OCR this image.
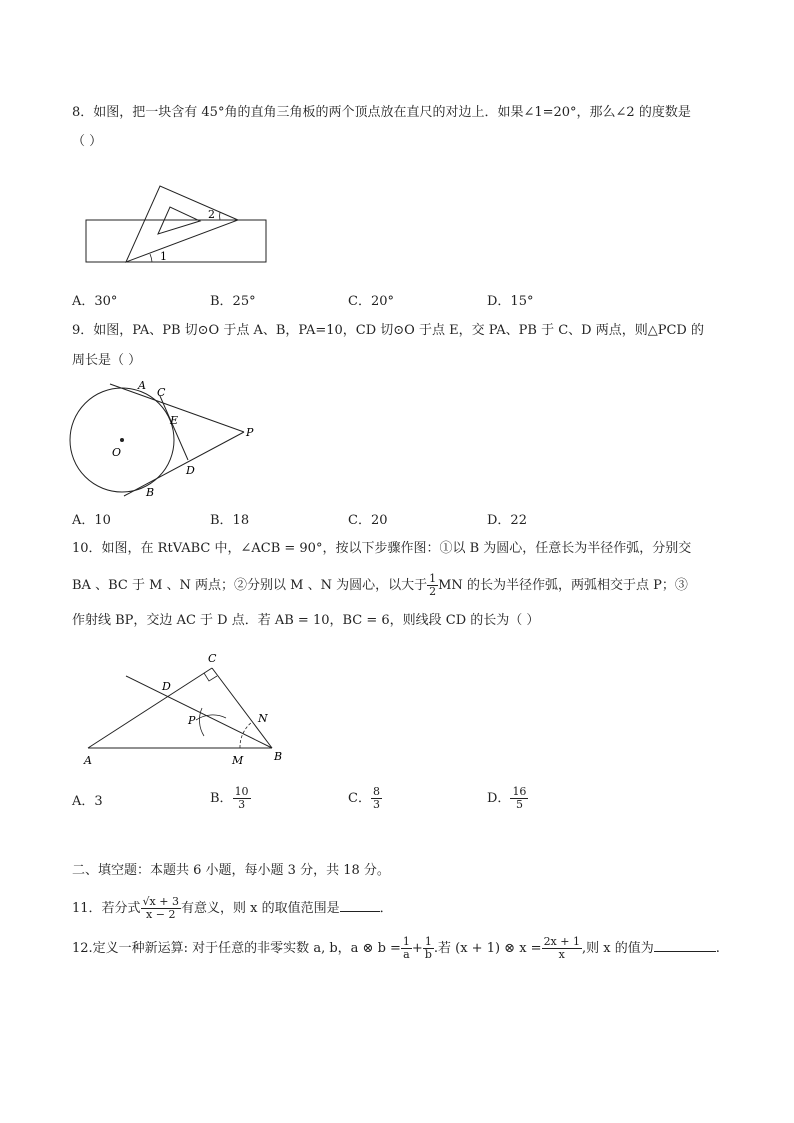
8．如图，把一块含有 45°角的直角三角板的两个顶点放在直尺的对边上．如果∠1=20°，那么∠2 的度数是
（ ）
1
2
A．30°	B．25°	C．20°	D．15°
9．如图，PA、PB 切⊙O 于点 A、B，PA=10，CD 切⊙O 于点 E，交 PA、PB 于 C、D 两点，则△PCD 的
周长是（ ）
A
C
E
O
P
D
B
A．10	B．18	C．20	D．22
10．如图，在 RtVABC 中，∠ACB = 90°，按以下步骤作图：①以 B 为圆心，任意长为半径作弧，分别交
BA 、BC 于 M 、N 两点；②分别以 M 、N 为圆心，以大于 $\frac{1}{2}$ MN 的长为半径作弧，两弧相交于点 P；③
作射线 BP，交边 AC 于 D 点．若 AB = 10，BC = 6，则线段 CD 的长为（ ）
A	B
C
D
P	N
M
A．3	B． $\frac{10}{3}$	C． $\frac{8}{3}$	D． $\frac{16}{5}$
二、填空题：本题共 6 小题，每小题 3 分，共 18 分。
11．若分式 $\frac{√x + 3}{x - 2}$ 有意义，则 x 的取值范围是	．
12.定义一种新运算: 对于任意的非零实数 a, b，a ⊗ $b = \frac{1}{a} + \frac{1}{b}$ .若 (x + 1) ⊗ $x = \frac{2x + 1}{x}$ ,则 x 的值为	.
